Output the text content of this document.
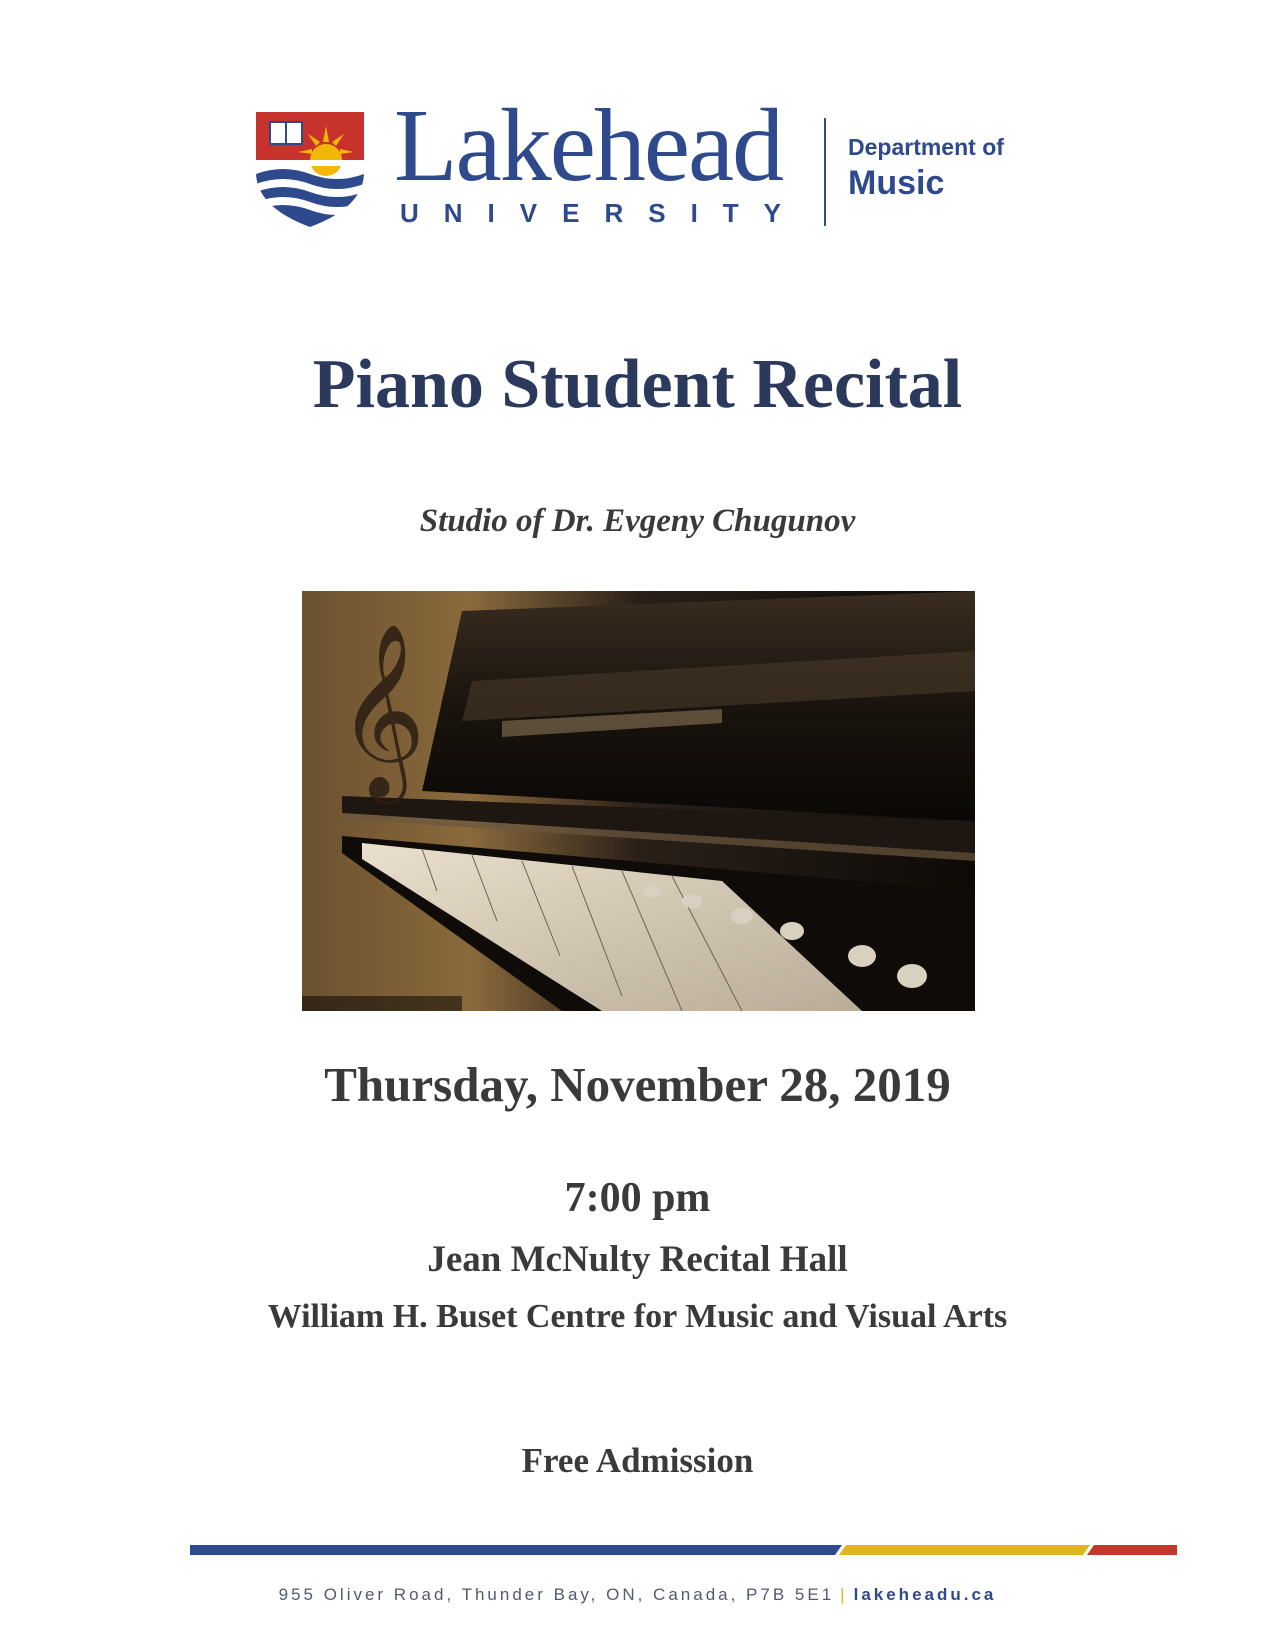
Lakehead
UNIVERSITY
Department of
Music
Piano Student Recital
Studio of Dr. Evgeny Chugunov
𝄞
Thursday, November 28, 2019
7:00 pm
Jean McNulty Recital Hall
William H. Buset Centre for Music and Visual Arts
Free Admission
955 Oliver Road, Thunder Bay, ON, Canada, P7B 5E1 | lakeheadu.ca
